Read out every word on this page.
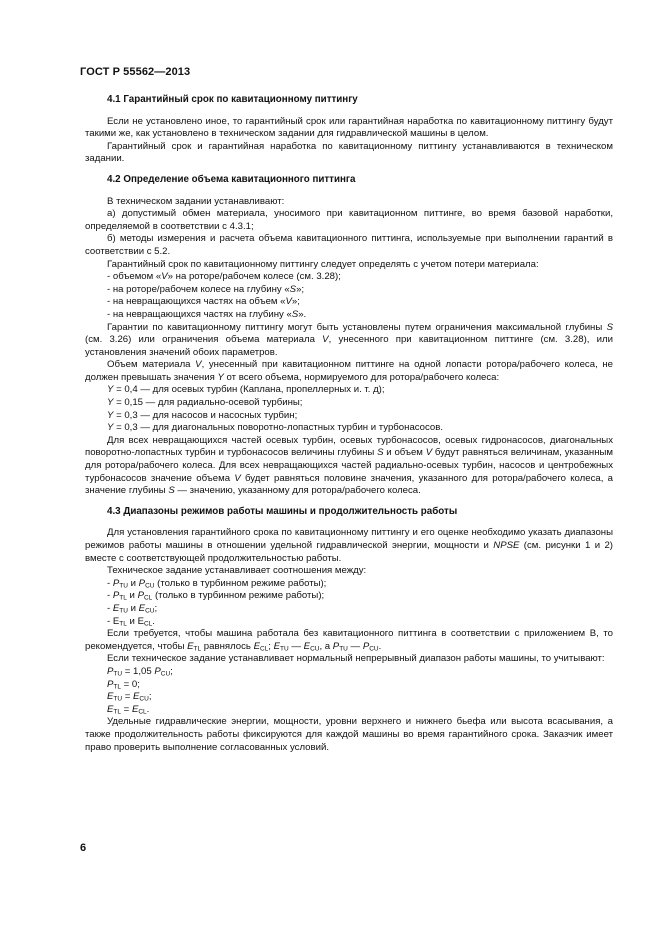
ГОСТ Р 55562—2013
4.1 Гарантийный срок по кавитационному питтингу

Если не установлено иное, то гарантийный срок или гарантийная наработка по кавитационному питтингу будут такими же, как установлено в техническом задании для гидравлической машины в целом.

Гарантийный срок и гарантийная наработка по кавитационному питтингу устанавливаются в техническом задании.

4.2 Определение объема кавитационного питтинга

В техническом задании устанавливают:

а) допустимый обмен материала, уносимого при кавитационном питтинге, во время базовой наработки, определяемой в соответствии с 4.3.1;

б) методы измерения и расчета объема кавитационного питтинга, используемые при выполнении гарантий в соответствии с 5.2.

Гарантийный срок по кавитационному питтингу следует определять с учетом потери материала:

- объемом «V» на роторе/рабочем колесе (см. 3.28);

- на роторе/рабочем колесе на глубину «S»;

- на невращающихся частях на объем «V»;

- на невращающихся частях на глубину «S».

Гарантии по кавитационному питтингу могут быть установлены путем ограничения максимальной глубины S (см. 3.26) или ограничения объема материала V, унесенного при кавитационном питтинге (см. 3.28), или установления значений обоих параметров.

Объем материала V, унесенный при кавитационном питтинге на одной лопасти ротора/рабочего колеса, не должен превышать значения Y от всего объема, нормируемого для ротора/рабочего колеса:

Y = 0,4 — для осевых турбин (Каплана, пропеллерных и. т. д);

Y = 0,15 — для радиально-осевой турбины;

Y = 0,3 — для насосов и насосных турбин;

Y = 0,3 — для диагональных поворотно-лопастных турбин и турбонасосов.

Для всех невращающихся частей осевых турбин, осевых турбонасосов, осевых гидронасосов, диагональных поворотно-лопастных турбин и турбонасосов величины глубины S и объем V будут равняться величинам, указанным для ротора/рабочего колеса. Для всех невращающихся частей радиально-осевых турбин, насосов и центробежных турбонасосов значение объема V будет равняться половине значения, указанного для ротора/рабочего колеса, а значение глубины S — значению, указанному для ротора/рабочего колеса.

4.3 Диапазоны режимов работы машины и продолжительность работы

Для установления гарантийного срока по кавитационному питтингу и его оценке необходимо указать диапазоны режимов работы машины в отношении удельной гидравлической энергии, мощности и NPSE (см. рисунки 1 и 2) вместе с соответствующей продолжительностью работы.

Техническое задание устанавливает соотношения между:

- $P_{TU}$ и $P_{CU}$ (только в турбинном режиме работы);

- $P_{TL}$ и $P_{CL}$ (только в турбинном режиме работы);

- $E_{TU}$ и $E_{CU}$;

- $E_{TL}$ и $E_{CL}$.

Если требуется, чтобы машина работала без кавитационного питтинга в соответствии с приложением В, то рекомендуется, чтобы $E_{TL}$ равнялось $E_{CL}$; $E_{TU}$ — $E_{CU}$, а $P_{TU}$ — $P_{CU}$.

Если техническое задание устанавливает нормальный непрерывный диапазон работы машины, то учитывают:

$P_{TU} = 1,05$ $P_{CU}$;

$P_{TL} = 0$;

$E_{TU} = E_{CU}$;

$E_{TL} = E_{CL}$.

Удельные гидравлические энергии, мощности, уровни верхнего и нижнего бьефа или высота всасывания, а также продолжительность работы фиксируются для каждой машины во время гарантийного срока. Заказчик имеет право проверить выполнение согласованных условий.

6
